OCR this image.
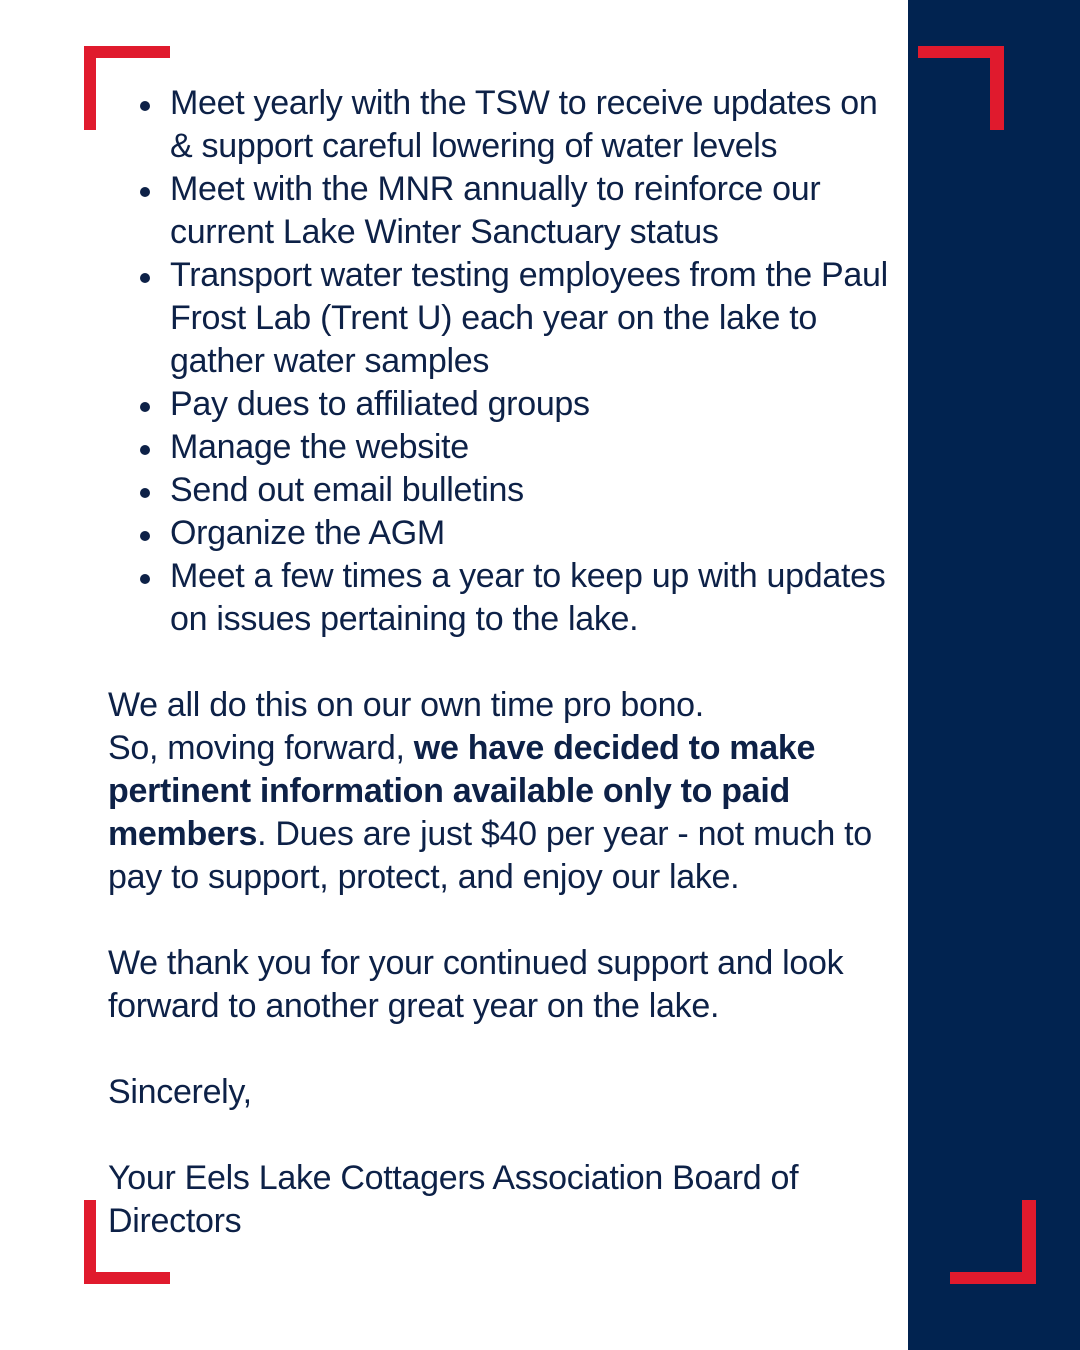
Meet yearly with the TSW to receive updates on & support careful lowering of water levels
Meet with the MNR annually to reinforce our current Lake Winter Sanctuary status
Transport water testing employees from the Paul Frost Lab (Trent U) each year on the lake to gather water samples
Pay dues to affiliated groups
Manage the website
Send out email bulletins
Organize the AGM
Meet a few times a year to keep up with updates on issues pertaining to the lake.

We all do this on our own time pro bono.

So, moving forward, we have decided to make pertinent information available only to paid members. Dues are just $40 per year - not much to pay to support, protect, and enjoy our lake.

We thank you for your continued support and look forward to another great year on the lake.

Sincerely,

Your Eels Lake Cottagers Association Board of Directors
